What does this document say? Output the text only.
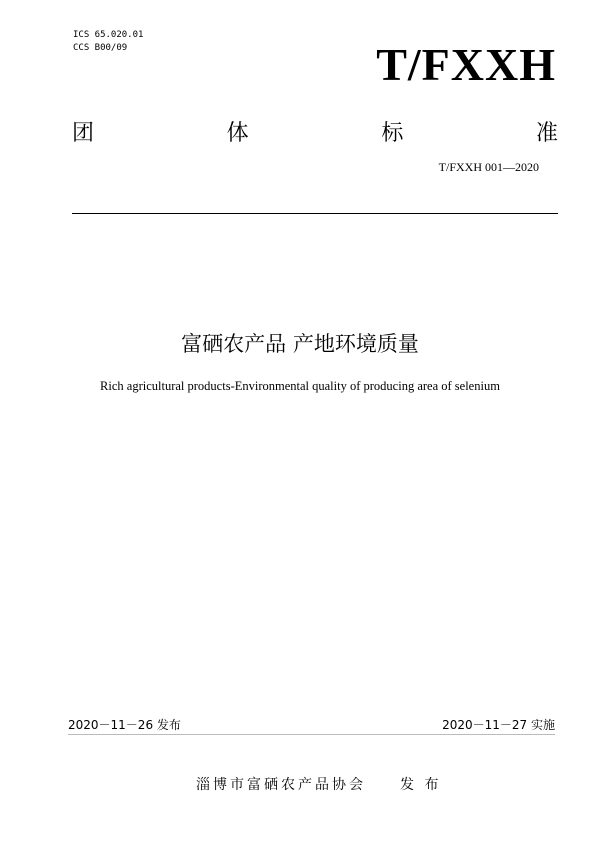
ICS 65.020.01
CCS B00/09	T/FXXH
团	体	标	准
T/FXXH 001—2020
富硒农产品 产地环境质量
Rich agricultural products-Environmental quality of producing area of selenium
2020－11－26 发布	2020－11－27 实施
淄博市富硒农产品协会 发 布
